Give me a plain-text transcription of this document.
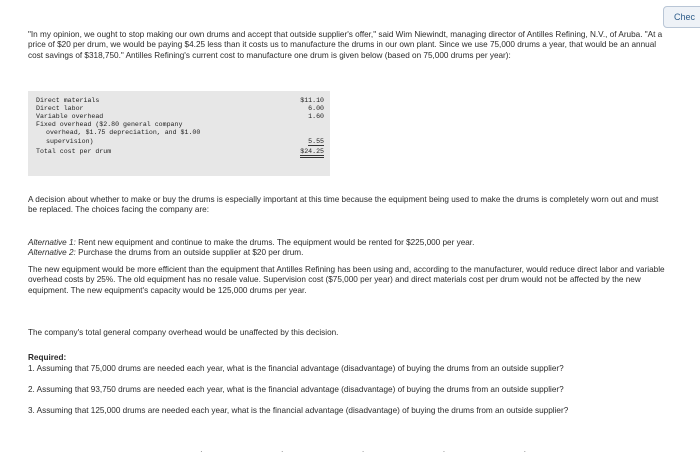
Chec

"In my opinion, we ought to stop making our own drums and accept that outside supplier's offer," said Wim Niewindt, managing director of Antilles Refining, N.V., of Aruba. "At a price of $20 per drum, we would be paying $4.25 less than it costs us to manufacture the drums in our own plant. Since we use 75,000 drums a year, that would be an annual cost savings of $318,750." Antilles Refining's current cost to manufacture one drum is given below (based on 75,000 drums per year):

Direct materials	$11.10
Direct labor	6.00
Variable overhead	1.60
Fixed overhead ($2.80 general company
overhead, $1.75 depreciation, and $1.00
supervision)	5.55
Total cost per drum	$24.25

A decision about whether to make or buy the drums is especially important at this time because the equipment being used to make the drums is completely worn out and must be replaced. The choices facing the company are:

Alternative 1: Rent new equipment and continue to make the drums. The equipment would be rented for $225,000 per year.
Alternative 2: Purchase the drums from an outside supplier at $20 per drum.

The new equipment would be more efficient than the equipment that Antilles Refining has been using and, according to the manufacturer, would reduce direct labor and variable overhead costs by 25%. The old equipment has no resale value. Supervision cost ($75,000 per year) and direct materials cost per drum would not be affected by the new equipment. The new equipment's capacity would be 125,000 drums per year.

The company's total general company overhead would be unaffected by this decision.

Required:

1. Assuming that 75,000 drums are needed each year, what is the financial advantage (disadvantage) of buying the drums from an outside supplier?

2. Assuming that 93,750 drums are needed each year, what is the financial advantage (disadvantage) of buying the drums from an outside supplier?

3. Assuming that 125,000 drums are needed each year, what is the financial advantage (disadvantage) of buying the drums from an outside supplier?

· · · · ·
